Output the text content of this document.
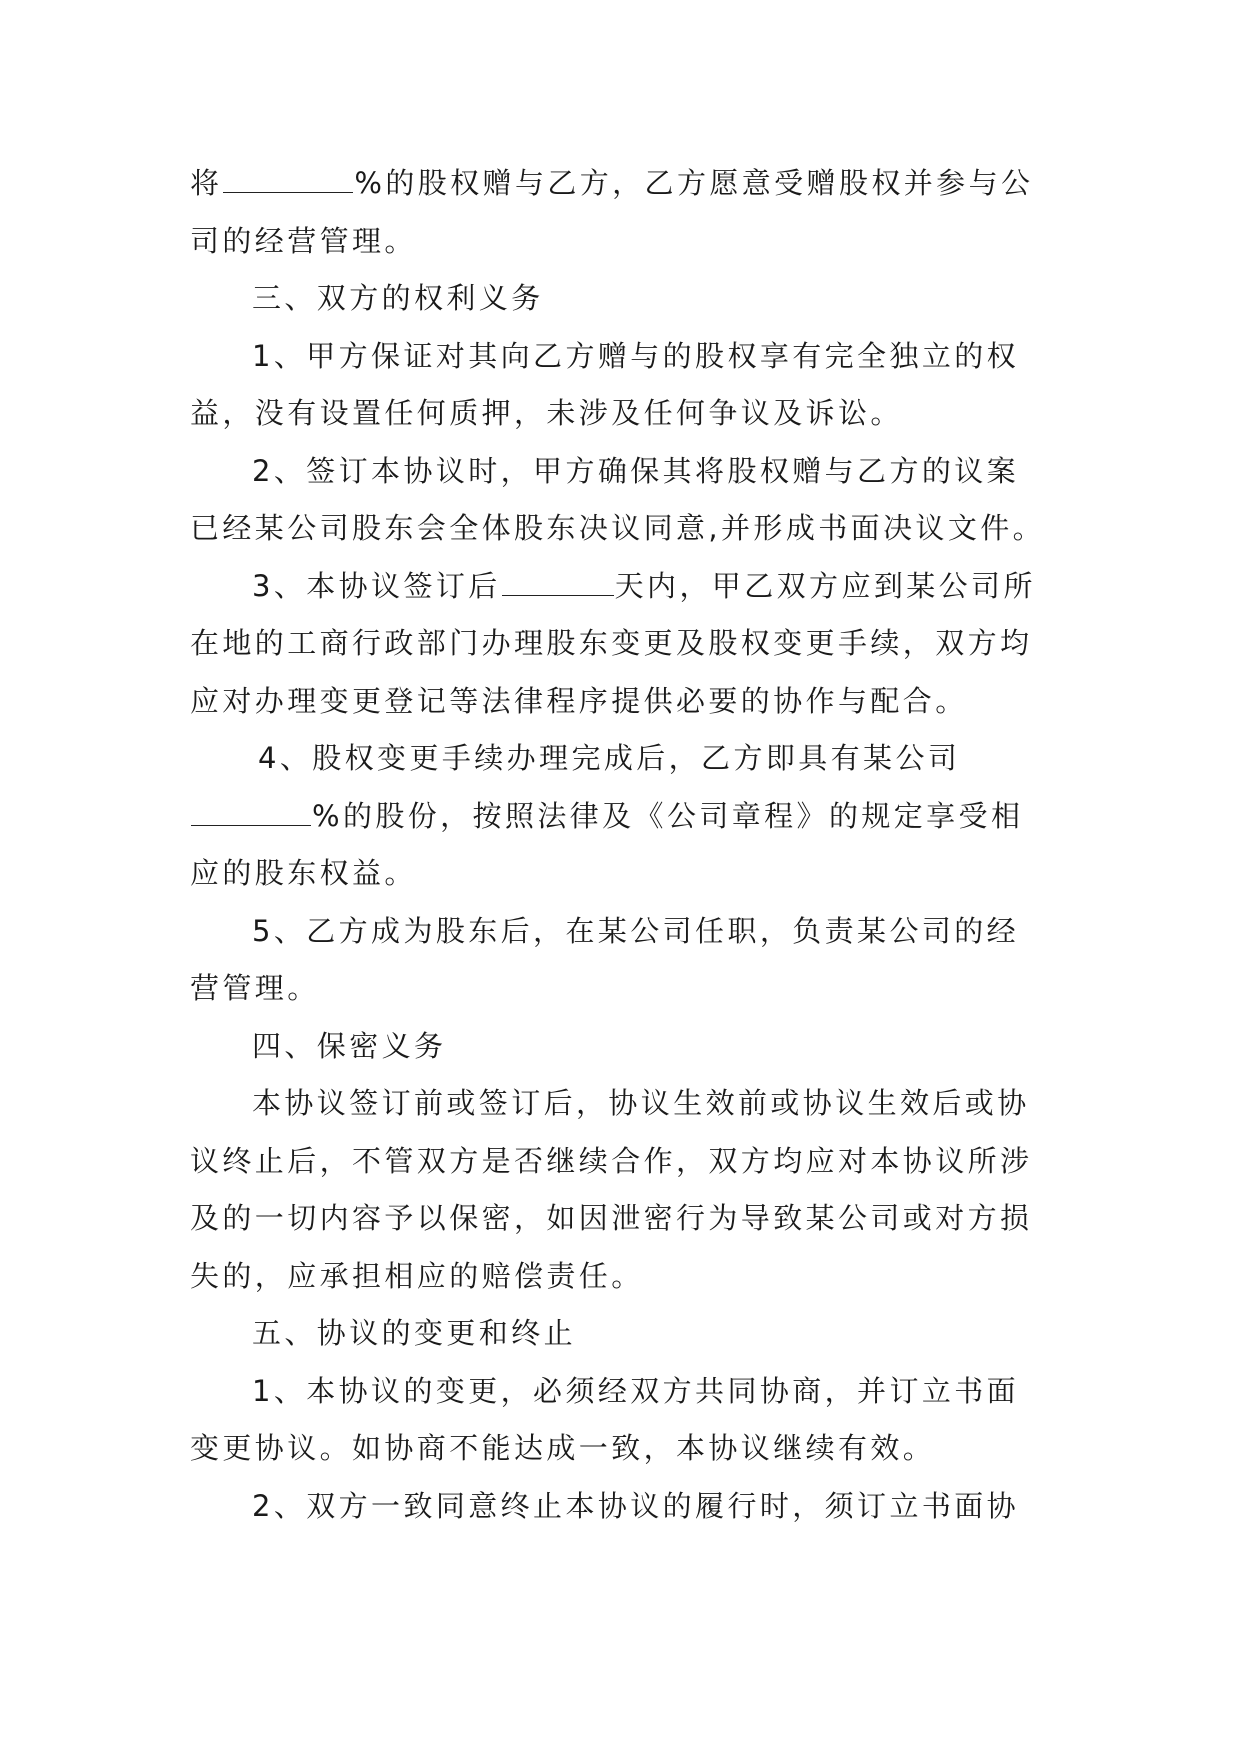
将	%的股权赠与乙方，乙方愿意受赠股权并参与公
司的经营管理。
三、双方的权利义务
1、甲方保证对其向乙方赠与的股权享有完全独立的权
益，没有设置任何质押，未涉及任何争议及诉讼。
2、签订本协议时，甲方确保其将股权赠与乙方的议案
已经某公司股东会全体股东决议同意,并形成书面决议文件。
3、本协议签订后	天内，甲乙双方应到某公司所
在地的工商行政部门办理股东变更及股权变更手续，双方均
应对办理变更登记等法律程序提供必要的协作与配合。
4、股权变更手续办理完成后，乙方即具有某公司
%的股份，按照法律及《公司章程》的规定享受相
应的股东权益。
5、乙方成为股东后，在某公司任职，负责某公司的经
营管理。
四、保密义务
本协议签订前或签订后，协议生效前或协议生效后或协
议终止后，不管双方是否继续合作，双方均应对本协议所涉
及的一切内容予以保密，如因泄密行为导致某公司或对方损
失的，应承担相应的赔偿责任。
五、协议的变更和终止
1、本协议的变更，必须经双方共同协商，并订立书面
变更协议。如协商不能达成一致，本协议继续有效。
2、双方一致同意终止本协议的履行时，须订立书面协
